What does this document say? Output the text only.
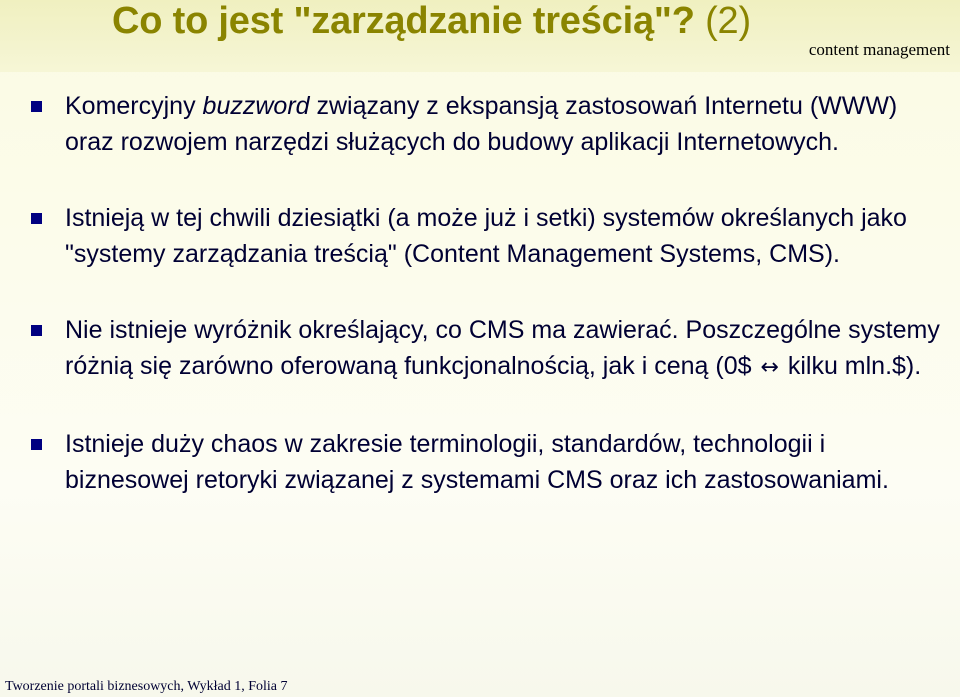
Co to jest "zarządzanie treścią"? (2)
content management
Komercyjny buzzword związany z ekspansją zastosowań Internetu (WWW) oraz rozwojem narzędzi służących do budowy aplikacji Internetowych.
Istnieją w tej chwili dziesiątki (a może już i setki) systemów określanych jako "systemy zarządzania treścią" (Content Management Systems, CMS).
Nie istnieje wyróżnik określający, co CMS ma zawierać. Poszczególne systemy różnią się zarówno oferowaną funkcjonalnością, jak i ceną (0$ ↔ kilku mln.$).
Istnieje duży chaos w zakresie terminologii, standardów, technologii i biznesowej retoryki związanej z systemami CMS oraz ich zastosowaniami.
Tworzenie portali biznesowych, Wykład 1, Folia 7
